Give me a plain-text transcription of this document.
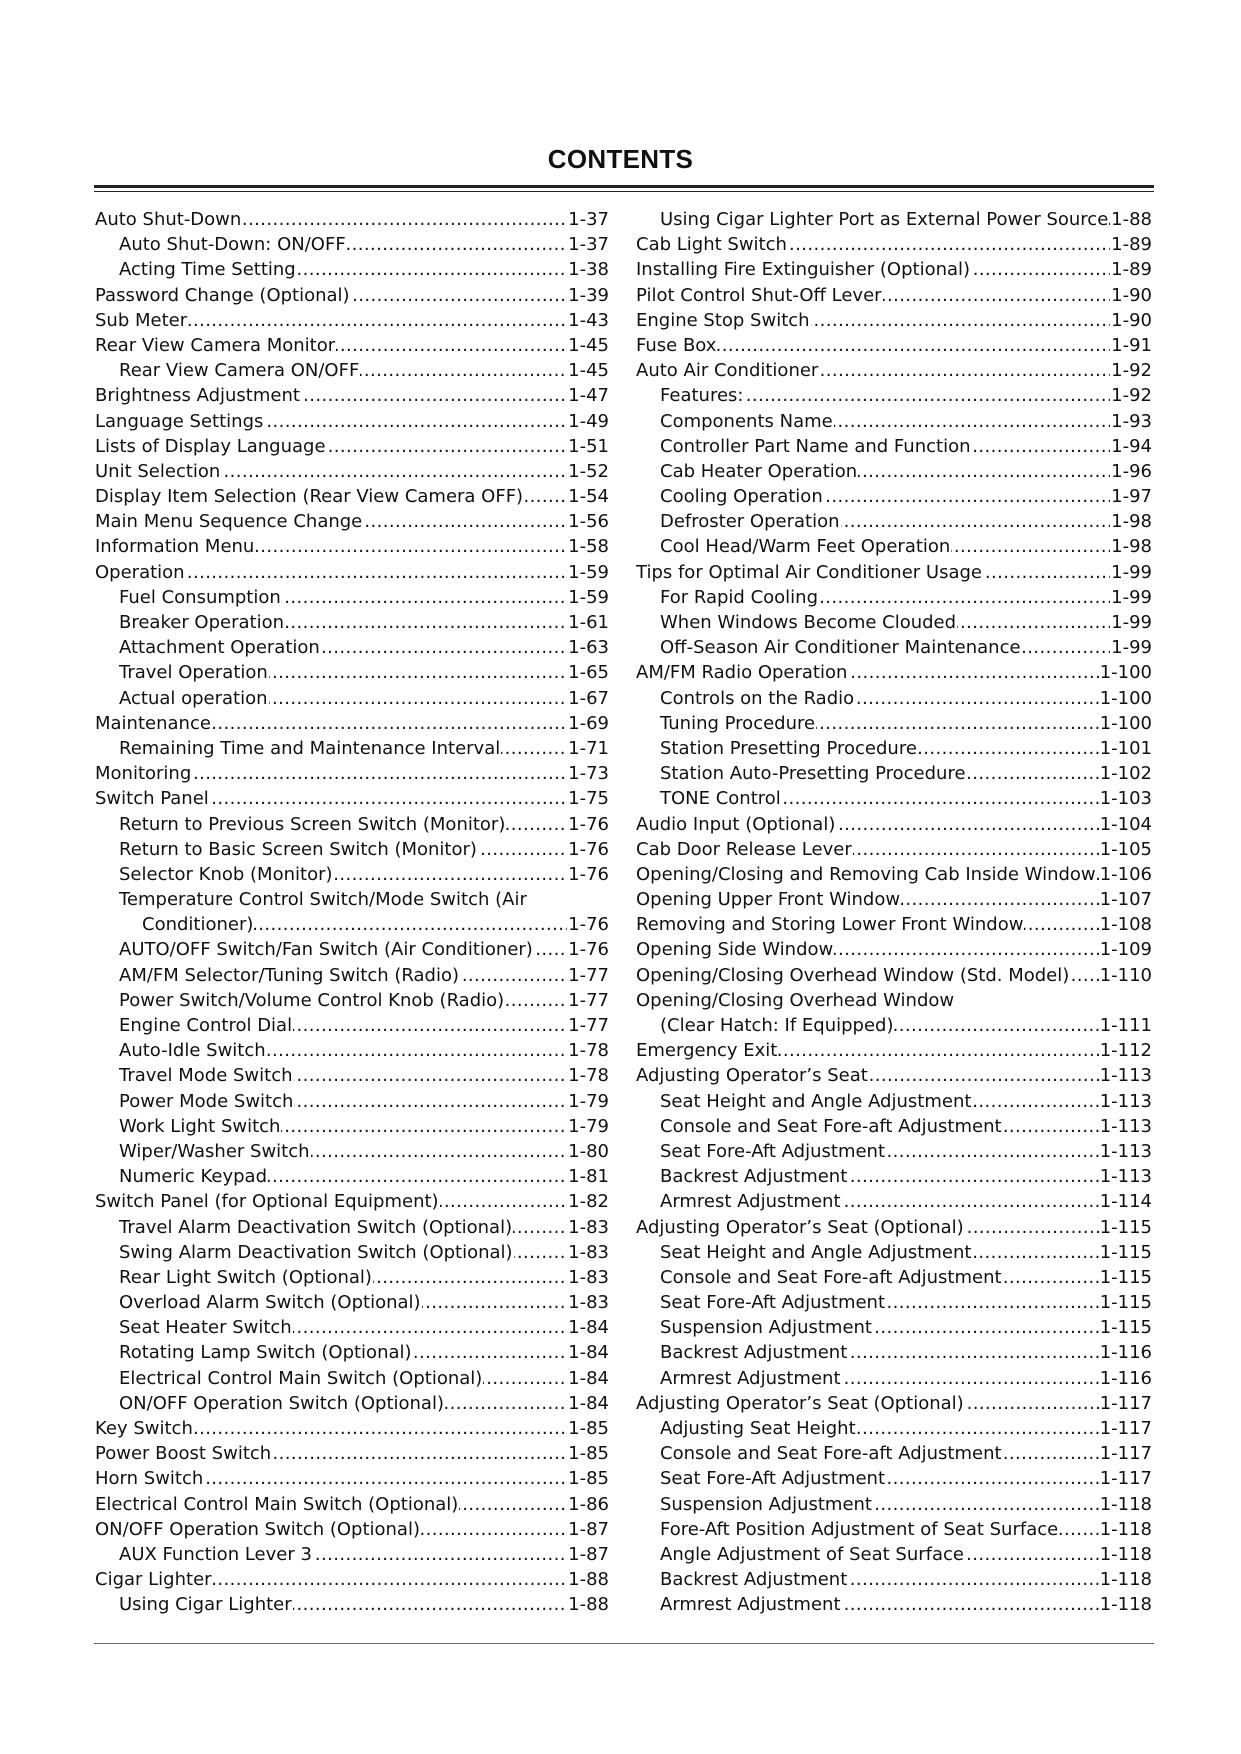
CONTENTS
.....
Auto Shut-Down	1-37
.....
Auto Shut-Down: ON/OFF	1-37
.....
Acting Time Setting	1-38
.....
Password Change (Optional)	1-39
.....
Sub Meter	1-43
.....
Rear View Camera Monitor	1-45
.....
Rear View Camera ON/OFF	1-45
.....
Brightness Adjustment	1-47
.....
Language Settings	1-49
.....
Lists of Display Language	1-51
.....
Unit Selection	1-52
.....
Display Item Selection (Rear View Camera OFF)	1-54
.....
Main Menu Sequence Change	1-56
.....
Information Menu	1-58
.....
Operation	1-59
.....
Fuel Consumption	1-59
.....
Breaker Operation	1-61
.....
Attachment Operation	1-63
.....
Travel Operation	1-65
.....
Actual operation	1-67
.....
Maintenance	1-69
.....
Remaining Time and Maintenance Interval	1-71
.....
Monitoring	1-73
.....
Switch Panel	1-75
.....
Return to Previous Screen Switch (Monitor)	1-76
.....
Return to Basic Screen Switch (Monitor)	1-76
.....
Selector Knob (Monitor)	1-76
Temperature Control Switch/Mode Switch (Air
.....
Conditioner)	1-76
.....
AUTO/OFF Switch/Fan Switch (Air Conditioner) 1-76
.....
AM/FM Selector/Tuning Switch (Radio)	1-77
.....
Power Switch/Volume Control Knob (Radio)	1-77
.....
Engine Control Dial	1-77
.....
Auto-Idle Switch	1-78
.....
Travel Mode Switch	1-78
.....
Power Mode Switch	1-79
.....
Work Light Switch	1-79
.....
Wiper/Washer Switch	1-80
.....
Numeric Keypad	1-81
.....
Switch Panel (for Optional Equipment)	1-82
.....
Travel Alarm Deactivation Switch (Optional)	1-83
.....
Swing Alarm Deactivation Switch (Optional)	1-83
.....
Rear Light Switch (Optional)	1-83
.....
Overload Alarm Switch (Optional)	1-83
.....
Seat Heater Switch	1-84
.....
Rotating Lamp Switch (Optional)	1-84
.....
Electrical Control Main Switch (Optional)	1-84
.....
ON/OFF Operation Switch (Optional)	1-84
.....
Key Switch	1-85
.....
Power Boost Switch	1-85
.....
Horn Switch	1-85
.....
Electrical Control Main Switch (Optional)	1-86
.....
ON/OFF Operation Switch (Optional)	1-87
.....
AUX Function Lever 3	1-87
.....
Cigar Lighter	1-88
.....
Using Cigar Lighter	1-88
.....
Using Cigar Lighter Port as External Power Source 1-88
.....
Cab Light Switch	1-89
.....
Installing Fire Extinguisher (Optional)	1-89
.....
Pilot Control Shut-Off Lever	1-90
.....
Engine Stop Switch	1-90
.....
Fuse Box	1-91
.....
Auto Air Conditioner	1-92
.....
Features:	1-92
.....
Components Name	1-93
.....
Controller Part Name and Function	1-94
.....
Cab Heater Operation	1-96
.....
Cooling Operation	1-97
.....
Defroster Operation	1-98
.....
Cool Head/Warm Feet Operation	1-98
.....
Tips for Optimal Air Conditioner Usage	1-99
.....
For Rapid Cooling	1-99
.....
When Windows Become Clouded	1-99
.....
Off-Season Air Conditioner Maintenance	1-99
.....
AM/FM Radio Operation	1-100
.....
Controls on the Radio	1-100
.....
Tuning Procedure	1-100
.....
Station Presetting Procedure	1-101
.....
Station Auto-Presetting Procedure	1-102
.....
TONE Control	1-103
.....
Audio Input (Optional)	1-104
.....
Cab Door Release Lever	1-105
.....
Opening/Closing and Removing Cab Inside Window 1-106
.....
Opening Upper Front Window	1-107
.....
Removing and Storing Lower Front Window	1-108
.....
Opening Side Window	1-109
.....
Opening/Closing Overhead Window (Std. Model) 1-110
Opening/Closing Overhead Window
.....
(Clear Hatch: If Equipped)	1-111
.....
Emergency Exit	1-112
.....
Adjusting Operator’s Seat	1-113
.....
Seat Height and Angle Adjustment	1-113
.....
Console and Seat Fore-aft Adjustment	1-113
.....
Seat Fore-Aft Adjustment	1-113
.....
Backrest Adjustment	1-113
.....
Armrest Adjustment	1-114
.....
Adjusting Operator’s Seat (Optional)	1-115
.....
Seat Height and Angle Adjustment	1-115
.....
Console and Seat Fore-aft Adjustment	1-115
.....
Seat Fore-Aft Adjustment	1-115
.....
Suspension Adjustment	1-115
.....
Backrest Adjustment	1-116
.....
Armrest Adjustment	1-116
.....
Adjusting Operator’s Seat (Optional)	1-117
.....
Adjusting Seat Height	1-117
.....
Console and Seat Fore-aft Adjustment	1-117
.....
Seat Fore-Aft Adjustment	1-117
.....
Suspension Adjustment	1-118
.....
Fore-Aft Position Adjustment of Seat Surface 1-118
.....
Angle Adjustment of Seat Surface	1-118
.....
Backrest Adjustment	1-118
.....
Armrest Adjustment	1-118
